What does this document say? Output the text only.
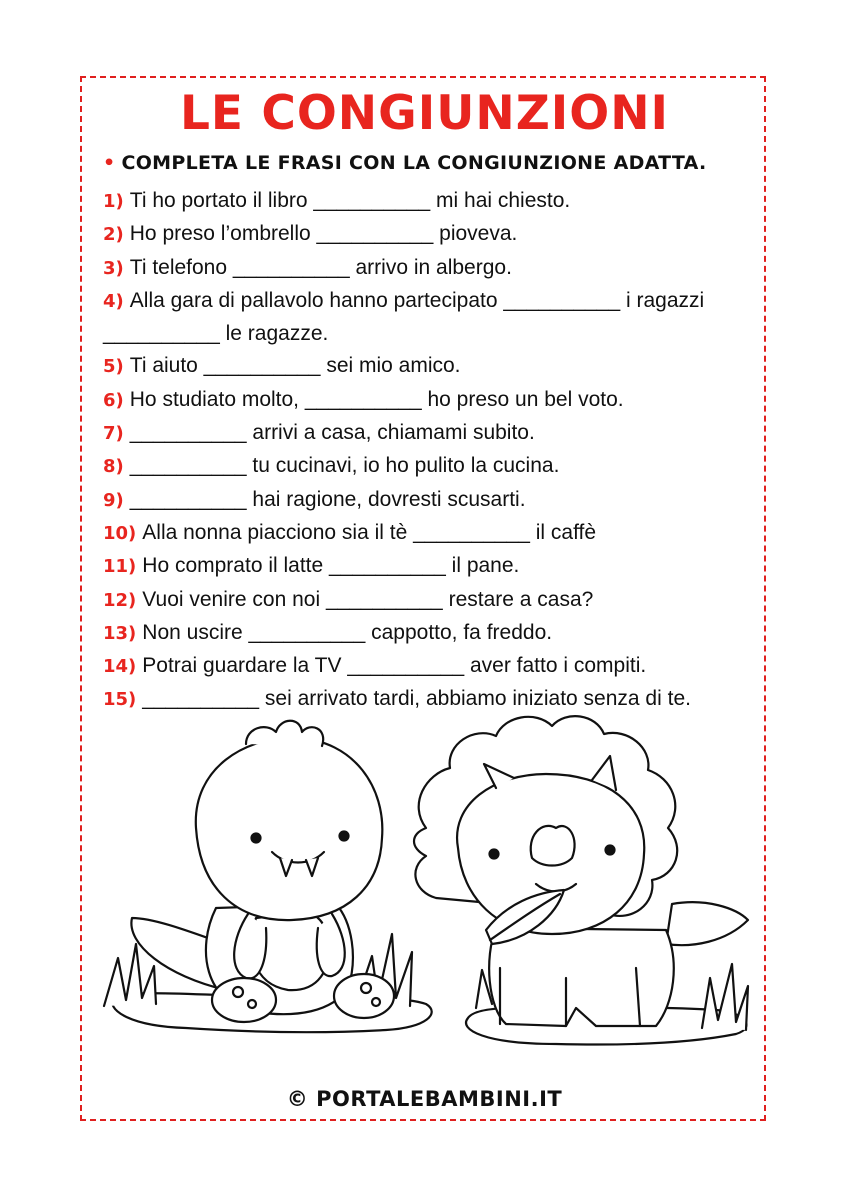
LE CONGIUNZIONI
• COMPLETA LE FRASI CON LA CONGIUNZIONE ADATTA.
1) Ti ho portato il libro __________ mi hai chiesto.
2) Ho preso l’ombrello __________ pioveva.
3) Ti telefono __________ arrivo in albergo.
4) Alla gara di pallavolo hanno partecipato __________ i ragazzi __________ le ragazze.
5) Ti aiuto __________ sei mio amico.
6) Ho studiato molto, __________ ho preso un bel voto.
7) __________ arrivi a casa, chiamami subito.
8) __________ tu cucinavi, io ho pulito la cucina.
9) __________ hai ragione, dovresti scusarti.
10) Alla nonna piacciono sia il tè __________ il caffè
11) Ho comprato il latte __________ il pane.
12) Vuoi venire con noi __________ restare a casa?
13) Non uscire __________ cappotto, fa freddo.
14) Potrai guardare la TV __________ aver fatto i compiti.
15) __________ sei arrivato tardi, abbiamo iniziato senza di te.
© PORTALEBAMBINI.IT
